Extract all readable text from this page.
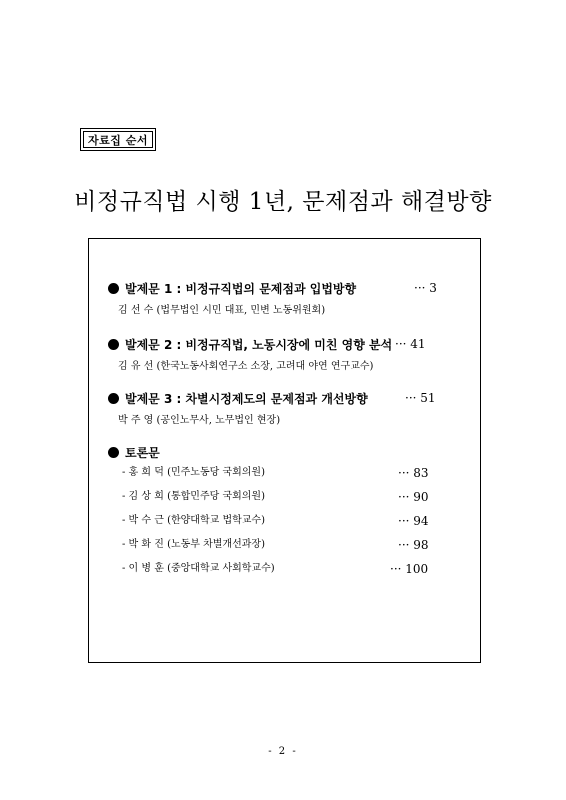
자료집 순서
비정규직법 시행 1년, 문제점과 해결방향
발제문 1 : 비정규직법의 문제점과 입법방향	··· 3
김 선 수 (법무법인 시민 대표, 민변 노동위원회)
발제문 2 : 비정규직법, 노동시장에 미친 영향 분석 ··· 41
김 유 선 (한국노동사회연구소 소장, 고려대 야연 연구교수)
발제문 3 : 차별시정제도의 문제점과 개선방향	··· 51
박 주 영 (공인노무사, 노무법인 현장)
토론문
- 홍 희 덕 (민주노동당 국회의원)	··· 83
- 김 상 희 (통합민주당 국회의원)	··· 90
- 박 수 근 (한양대학교 법학교수)	··· 94
- 박 화 진 (노동부 차별개선과장)	··· 98
- 이 병 훈 (중앙대학교 사회학교수)	··· 100
- 2 -
